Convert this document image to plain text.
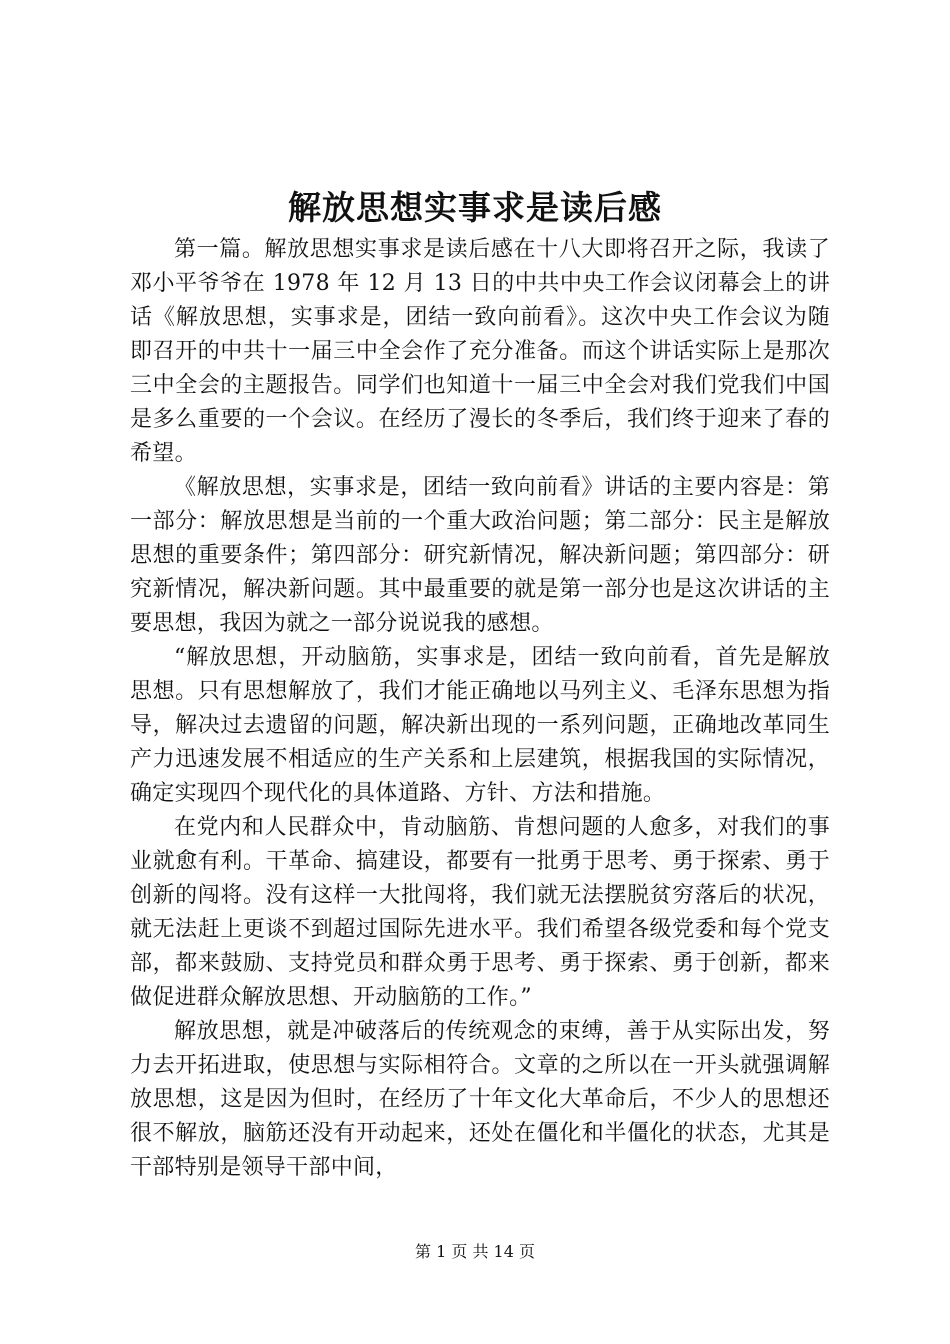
解放思想实事求是读后感

第一篇。解放思想实事求是读后感在十八大即将召开之际，我读了邓小平爷爷在 1978 年 12 月 13 日的中共中央工作会议闭幕会上的讲话《解放思想，实事求是，团结一致向前看》。这次中央工作会议为随即召开的中共十一届三中全会作了充分准备。而这个讲话实际上是那次三中全会的主题报告。同学们也知道十一届三中全会对我们党我们中国是多么重要的一个会议。在经历了漫长的冬季后，我们终于迎来了春的希望。

《解放思想，实事求是，团结一致向前看》讲话的主要内容是：第一部分：解放思想是当前的一个重大政治问题；第二部分：民主是解放思想的重要条件；第四部分：研究新情况，解决新问题；第四部分：研究新情况，解决新问题。其中最重要的就是第一部分也是这次讲话的主要思想，我因为就之一部分说说我的感想。

“解放思想，开动脑筋，实事求是，团结一致向前看，首先是解放思想。只有思想解放了，我们才能正确地以马列主义、毛泽东思想为指导，解决过去遗留的问题，解决新出现的一系列问题，正确地改革同生产力迅速发展不相适应的生产关系和上层建筑，根据我国的实际情况，确定实现四个现代化的具体道路、方针、方法和措施。

在党内和人民群众中，肯动脑筋、肯想问题的人愈多，对我们的事业就愈有利。干革命、搞建设，都要有一批勇于思考、勇于探索、勇于创新的闯将。没有这样一大批闯将，我们就无法摆脱贫穷落后的状况，就无法赶上更谈不到超过国际先进水平。我们希望各级党委和每个党支部，都来鼓励、支持党员和群众勇于思考、勇于探索、勇于创新，都来做促进群众解放思想、开动脑筋的工作。”

解放思想，就是冲破落后的传统观念的束缚，善于从实际出发，努力去开拓进取，使思想与实际相符合。文章的之所以在一开头就强调解放思想，这是因为但时，在经历了十年文化大革命后，不少人的思想还很不解放，脑筋还没有开动起来，还处在僵化和半僵化的状态，尤其是干部特别是领导干部中间，

第 1 页 共 14 页
